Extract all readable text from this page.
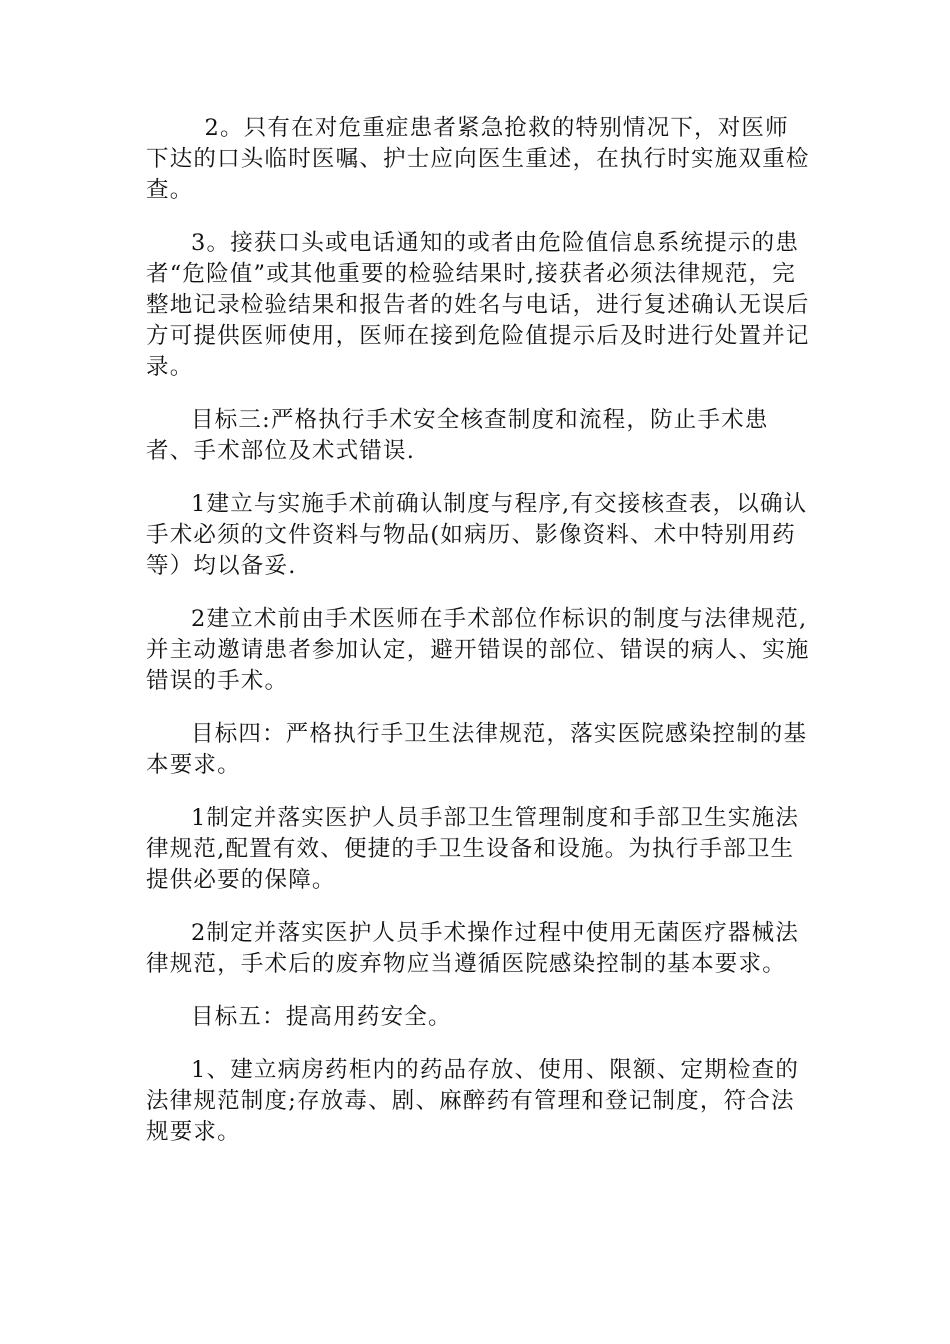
2。只有在对危重症患者紧急抢救的特别情况下，对医师下达的口头临时医嘱、护士应向医生重述，在执行时实施双重检查。

3。接获口头或电话通知的或者由危险值信息系统提示的患者“危险值”或其他重要的检验结果时,接获者必须法律规范，完整地记录检验结果和报告者的姓名与电话，进行复述确认无误后方可提供医师使用，医师在接到危险值提示后及时进行处置并记录。

目标三:严格执行手术安全核查制度和流程，防止手术患者、手术部位及术式错误.

1建立与实施手术前确认制度与程序,有交接核查表，以确认手术必须的文件资料与物品(如病历、影像资料、术中特别用药等）均以备妥.

2建立术前由手术医师在手术部位作标识的制度与法律规范,并主动邀请患者参加认定，避开错误的部位、错误的病人、实施错误的手术。

目标四：严格执行手卫生法律规范，落实医院感染控制的基本要求。

1制定并落实医护人员手部卫生管理制度和手部卫生实施法律规范,配置有效、便捷的手卫生设备和设施。为执行手部卫生提供必要的保障。

2制定并落实医护人员手术操作过程中使用无菌医疗器械法律规范，手术后的废弃物应当遵循医院感染控制的基本要求。

目标五：提高用药安全。

1、建立病房药柜内的药品存放、使用、限额、定期检查的法律规范制度;存放毒、剧、麻醉药有管理和登记制度，符合法规要求。
